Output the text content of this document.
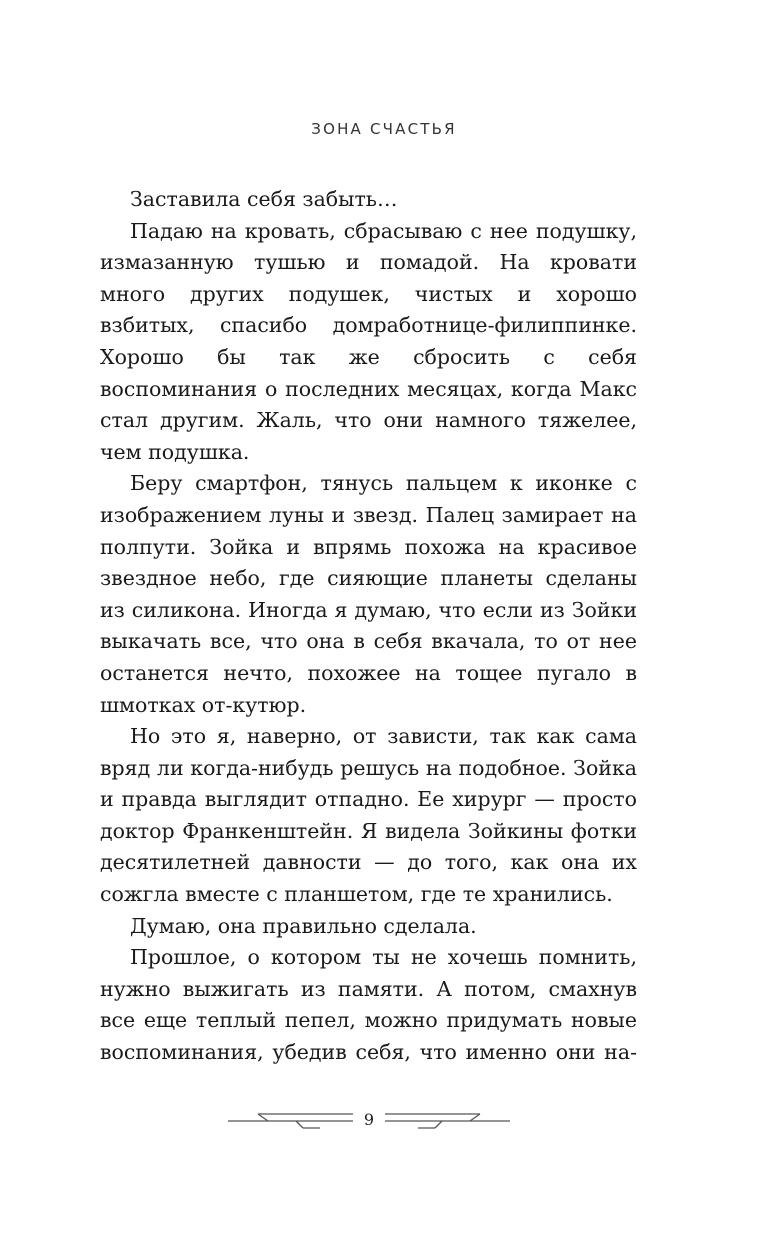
ЗОНА СЧАСТЬЯ

Заставила себя забыть…

Падаю на кровать, сбрасываю с нее подушку, измазанную тушью и помадой. На кровати много других подушек, чистых и хорошо взбитых, спасибо домработнице-филиппинке. Хорошо бы так же сбросить с себя воспоминания о последних месяцах, когда Макс стал другим. Жаль, что они намного тяжелее, чем подушка.

Беру смартфон, тянусь пальцем к иконке с изображением луны и звезд. Палец замирает на полпути. Зойка и впрямь похожа на красивое звездное небо, где сияющие планеты сделаны из силикона. Иногда я думаю, что если из Зойки выкачать все, что она в себя вкачала, то от нее останется нечто, похожее на тощее пугало в шмотках от-кутюр.

Но это я, наверно, от зависти, так как сама вряд ли когда-нибудь решусь на подобное. Зойка и правда выглядит отпадно. Ее хирург — просто доктор Франкенштейн. Я видела Зойкины фотки десятилетней давности — до того, как она их сожгла вместе с планшетом, где те хранились.

Думаю, она правильно сделала.

Прошлое, о котором ты не хочешь помнить, нужно выжигать из памяти. А потом, смахнув все еще теплый пепел, можно придумать новые воспоминания, убедив себя, что именно они на-

9
